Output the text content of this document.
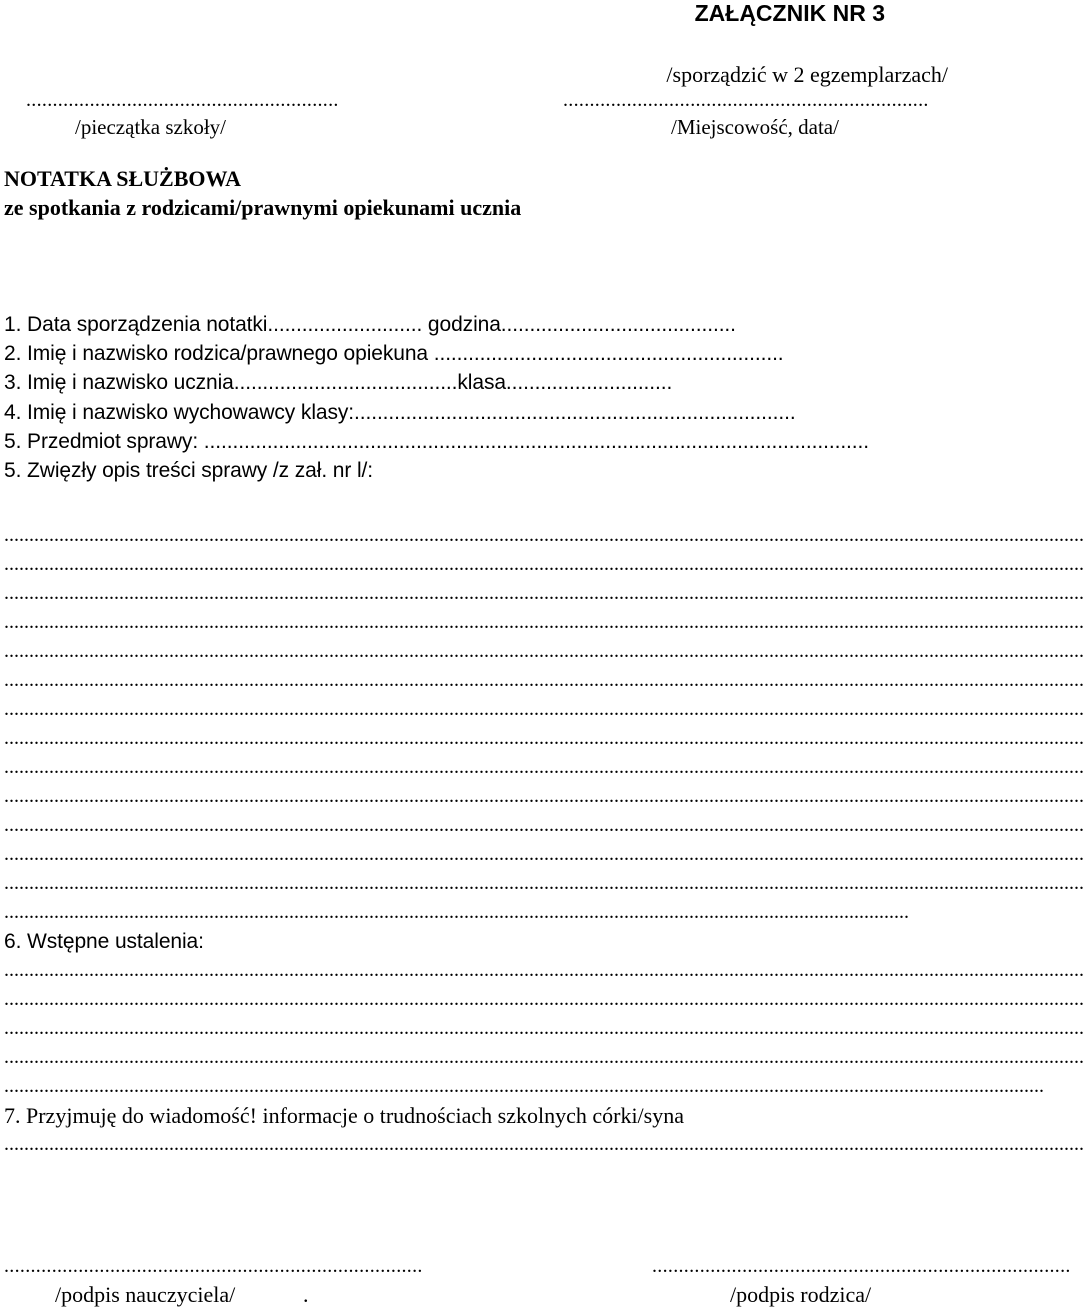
ZAŁĄCZNIK NR 3
/sporządzić w 2 egzemplarzach/
...........................................................	.....................................................................
/pieczątka szkoły/	/Miejscowość, data/
NOTATKA SŁUŻBOWA
ze spotkania z rodzicami/prawnymi opiekunami ucznia
1. Data sporządzenia notatki........................... godzina.........................................
2. Imię i nazwisko rodzica/prawnego opiekuna .............................................................
3. Imię i nazwisko ucznia.......................................klasa.............................
4. Imię i nazwisko wychowawcy klasy:.............................................................................
5. Przedmiot sprawy: ....................................................................................................................
5. Zwięzły opis treści sprawy /z zał. nr l/:
........................................................................................................................................................................................................................
........................................................................................................................................................................................................................
........................................................................................................................................................................................................................
........................................................................................................................................................................................................................
........................................................................................................................................................................................................................
........................................................................................................................................................................................................................
........................................................................................................................................................................................................................
........................................................................................................................................................................................................................
........................................................................................................................................................................................................................
........................................................................................................................................................................................................................
........................................................................................................................................................................................................................
........................................................................................................................................................................................................................
........................................................................................................................................................................................................................
.....................................................................................................................................................................................
6. Wstępne ustalenia:
........................................................................................................................................................................................................................
........................................................................................................................................................................................................................
........................................................................................................................................................................................................................
........................................................................................................................................................................................................................
................................................................................................................................................................................................................
7. Przyjmuję do wiadomość! informacje o trudnościach szkolnych córki/syna
........................................................................................................................................................................................................................
...............................................................................	...............................................................................
/podpis nauczyciela/	.	/podpis rodzica/
